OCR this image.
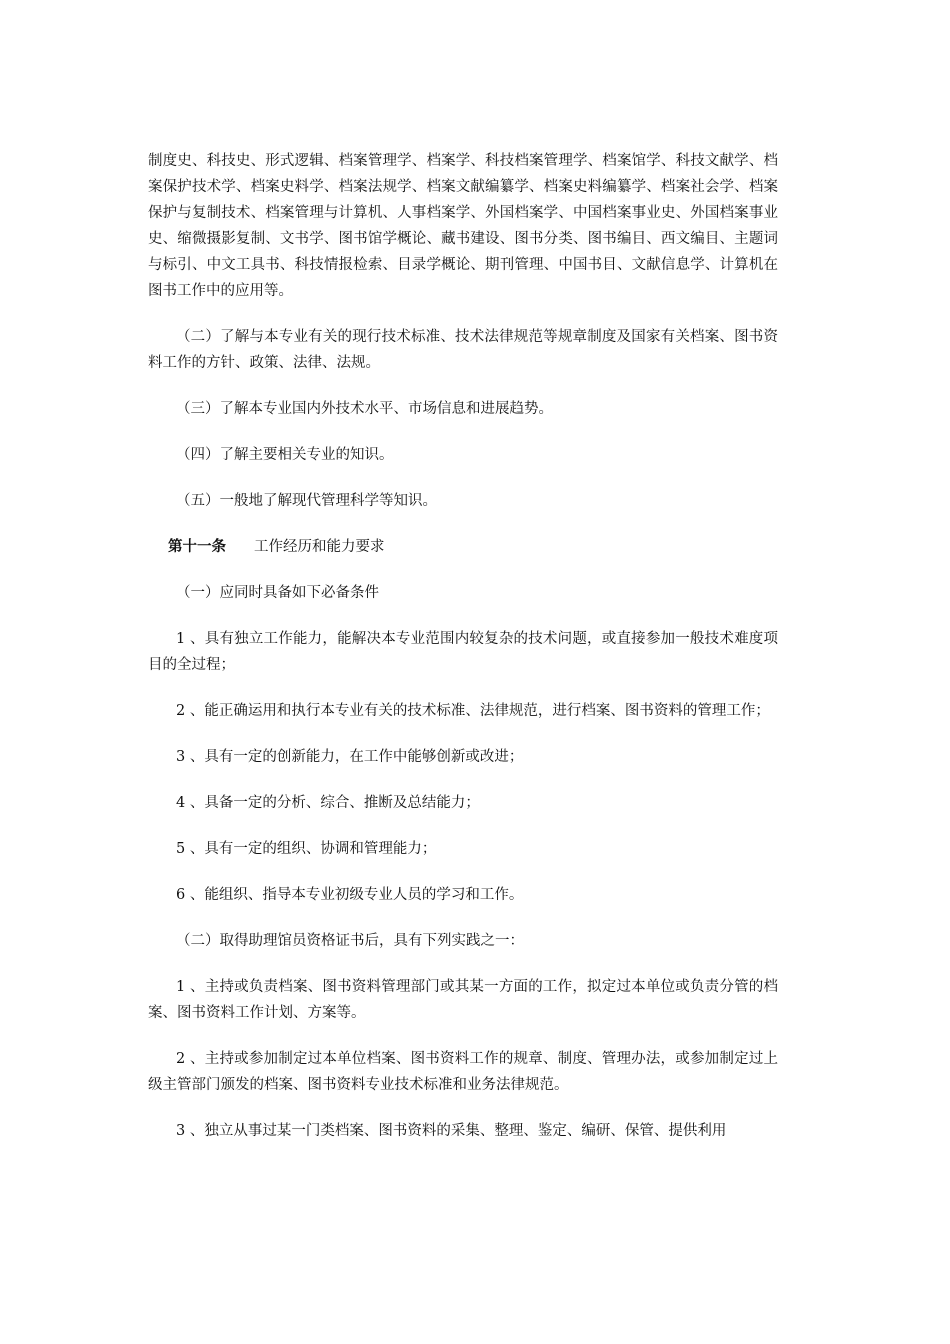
制度史、科技史、形式逻辑、档案管理学、档案学、科技档案管理学、档案馆学、科技文献学、档案保护技术学、档案史料学、档案法规学、档案文献编纂学、档案史料编纂学、档案社会学、档案保护与复制技术、档案管理与计算机、人事档案学、外国档案学、中国档案事业史、外国档案事业史、缩微摄影复制、文书学、图书馆学概论、藏书建设、图书分类、图书编目、西文编目、主题词与标引、中文工具书、科技情报检索、目录学概论、期刊管理、中国书目、文献信息学、计算机在图书工作中的应用等。

（二）了解与本专业有关的现行技术标准、技术法律规范等规章制度及国家有关档案、图书资料工作的方针、政策、法律、法规。

（三）了解本专业国内外技术水平、市场信息和进展趋势。

（四）了解主要相关专业的知识。

（五）一般地了解现代管理科学等知识。

第十一条 工作经历和能力要求

（一）应同时具备如下必备条件

1 、具有独立工作能力，能解决本专业范围内较复杂的技术问题，或直接参加一般技术难度项目的全过程；

2 、能正确运用和执行本专业有关的技术标准、法律规范，进行档案、图书资料的管理工作；

3 、具有一定的创新能力，在工作中能够创新或改进；

4 、具备一定的分析、综合、推断及总结能力；

5 、具有一定的组织、协调和管理能力；

6 、能组织、指导本专业初级专业人员的学习和工作。

（二）取得助理馆员资格证书后，具有下列实践之一：

1 、主持或负责档案、图书资料管理部门或其某一方面的工作，拟定过本单位或负责分管的档案、图书资料工作计划、方案等。

2 、主持或参加制定过本单位档案、图书资料工作的规章、制度、管理办法，或参加制定过上级主管部门颁发的档案、图书资料专业技术标准和业务法律规范。

3 、独立从事过某一门类档案、图书资料的采集、整理、鉴定、编研、保管、提供利用
